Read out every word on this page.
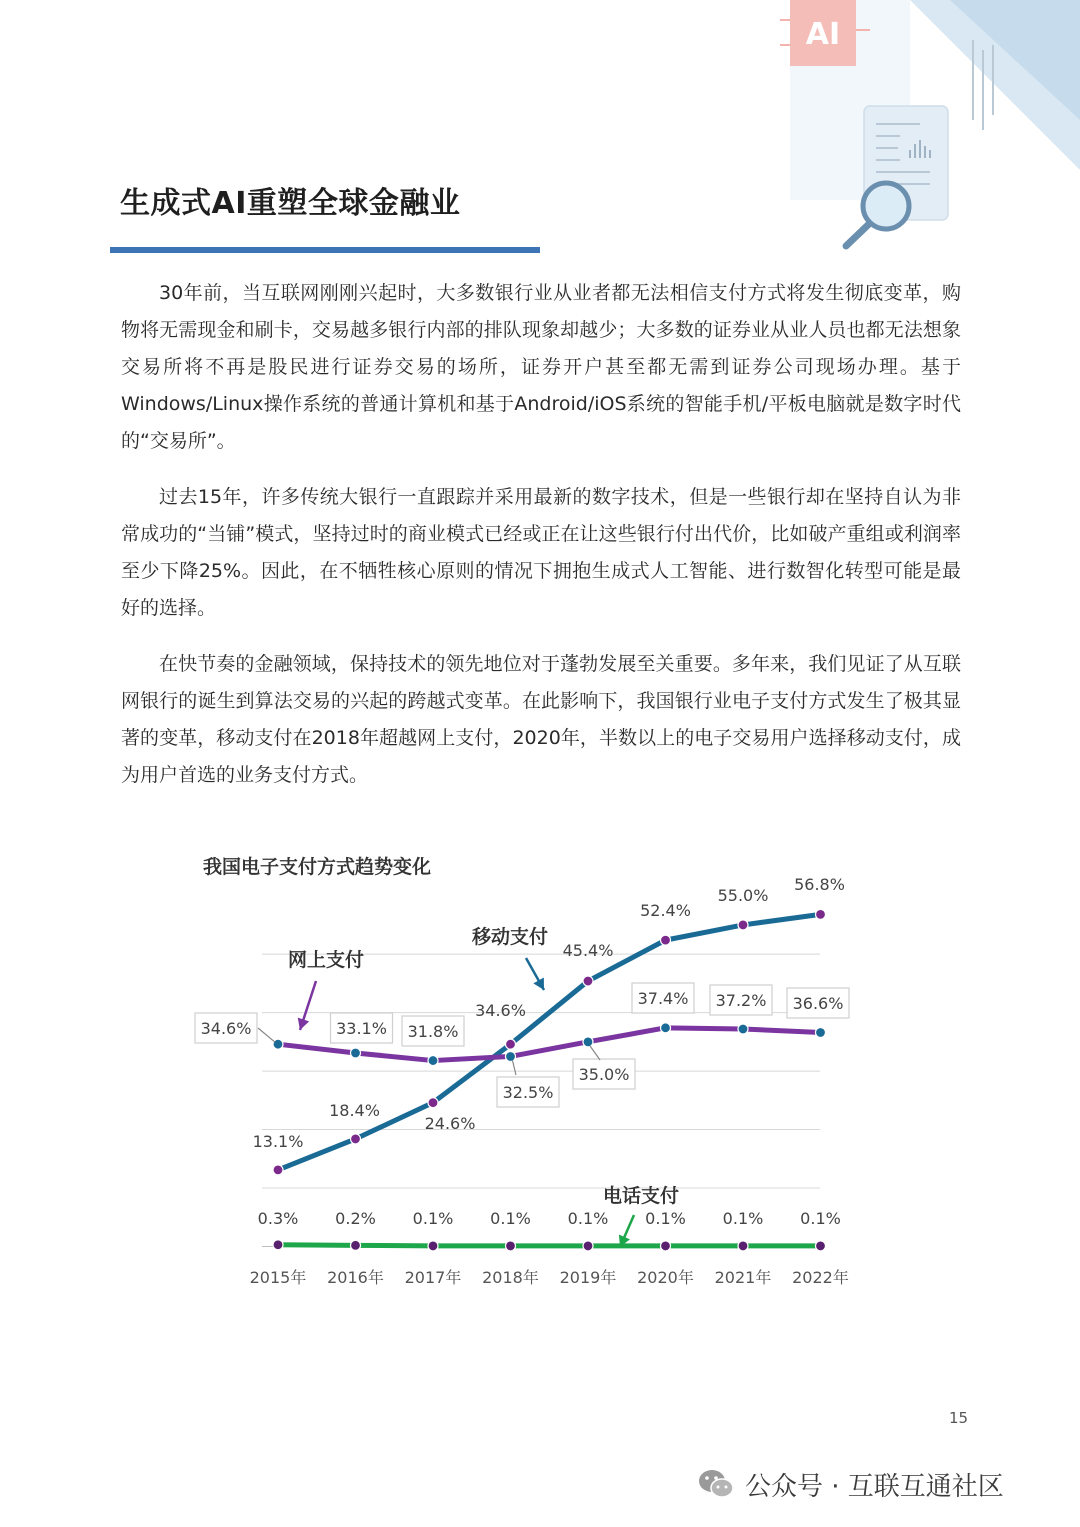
AI
生成式AI重塑全球金融业

30年前，当互联网刚刚兴起时，大多数银行业从业者都无法相信支付方式将发生彻底变革，购物将无需现金和刷卡，交易越多银行内部的排队现象却越少；大多数的证券业从业人员也都无法想象交易所将不再是股民进行证券交易的场所，证券开户甚至都无需到证券公司现场办理。基于Windows/Linux操作系统的普通计算机和基于Android/iOS系统的智能手机/平板电脑就是数字时代的“交易所”。

过去15年，许多传统大银行一直跟踪并采用最新的数字技术，但是一些银行却在坚持自认为非常成功的“当铺”模式，坚持过时的商业模式已经或正在让这些银行付出代价，比如破产重组或利润率至少下降25%。因此，在不牺牲核心原则的情况下拥抱生成式人工智能、进行数智化转型可能是最好的选择。

在快节奏的金融领域，保持技术的领先地位对于蓬勃发展至关重要。多年来，我们见证了从互联网银行的诞生到算法交易的兴起的跨越式变革。在此影响下，我国银行业电子支付方式发生了极其显著的变革，移动支付在2018年超越网上支付，2020年，半数以上的电子交易用户选择移动支付，成为用户首选的业务支付方式。

我国电子支付方式趋势变化
2015年 2016年 2017年 2018年 2019年 2020年 2021年 2022年
13.1%
18.4%
24.6%
34.6%
45.4%
52.4%
55.0%
56.8%
34.6%	33.1% 31.8%
32.5%
35.0%
37.4% 37.2% 36.6%
0.3% 0.2% 0.1% 0.1% 0.1% 0.1% 0.1% 0.1%
移动支付
网上支付
电话支付
15
公众号 · 互联互通社区
